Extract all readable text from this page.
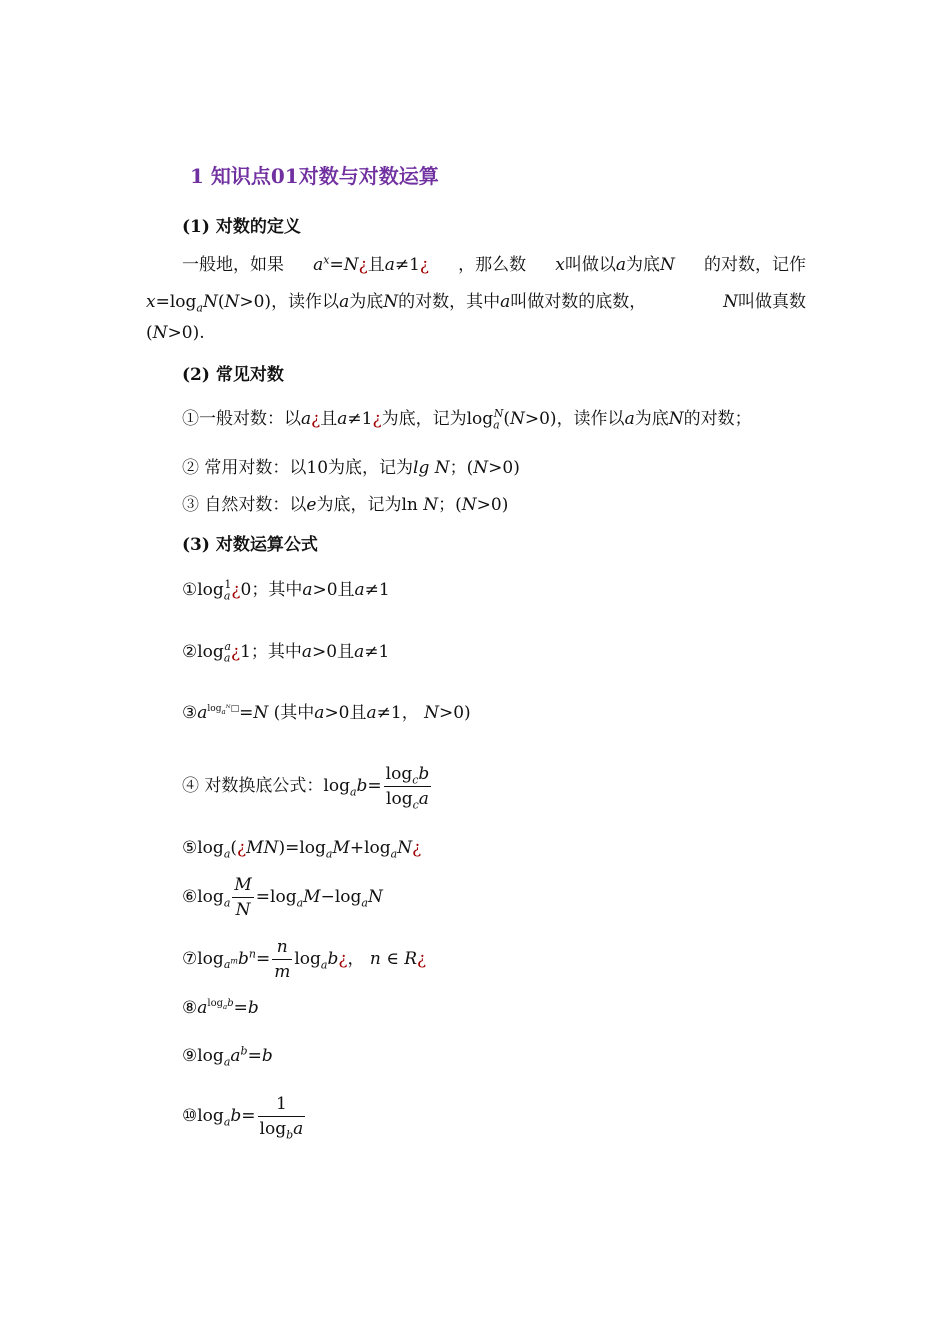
1 知识点01对数与对数运算
(1) 对数的定义
一般地，如果 $a^x=N¿$且a≠1¿ ，那么数 x叫做以a为底N 的对数，记作
$x=\log_aN(N>0)$，读作以a为底N的对数，其中a叫做对数的底数，	N叫做真数
(N>0).
(2) 常见对数
①一般对数：以a¿且a≠1¿为底，记为$\log_a^N(N>0)$，读作以a为底N的对数；
② 常用对数：以10为底，记为lg N；(N>0)
③ 自然对数：以e为底，记为ln N；(N>0)
(3) 对数运算公式
$①\log_a^1¿0$；其中a>0且a≠1
$②\log_a^a¿1$；其中a>0且a≠1
$③a^{log_aᴺ□}=N$ (其中a>0且a≠1， N>0)
④ 对数换底公式：$\log_ab= \frac{\log_cb}{\log_ca}$
$⑤\log_a(¿MN)=\log_aM+\log_aN¿$
$⑥\log_a \frac{M}{N} =\log_aM-\log_aN$
$⑦\log_{a^m}b^n= \frac{n}{m}$ $\log_ab¿$， n ∈ R¿
$⑧a^{log_ab}=b$
$⑨\log_aa^b=b$
$⑩\log_ab= \frac{1}{\log_ba}$
